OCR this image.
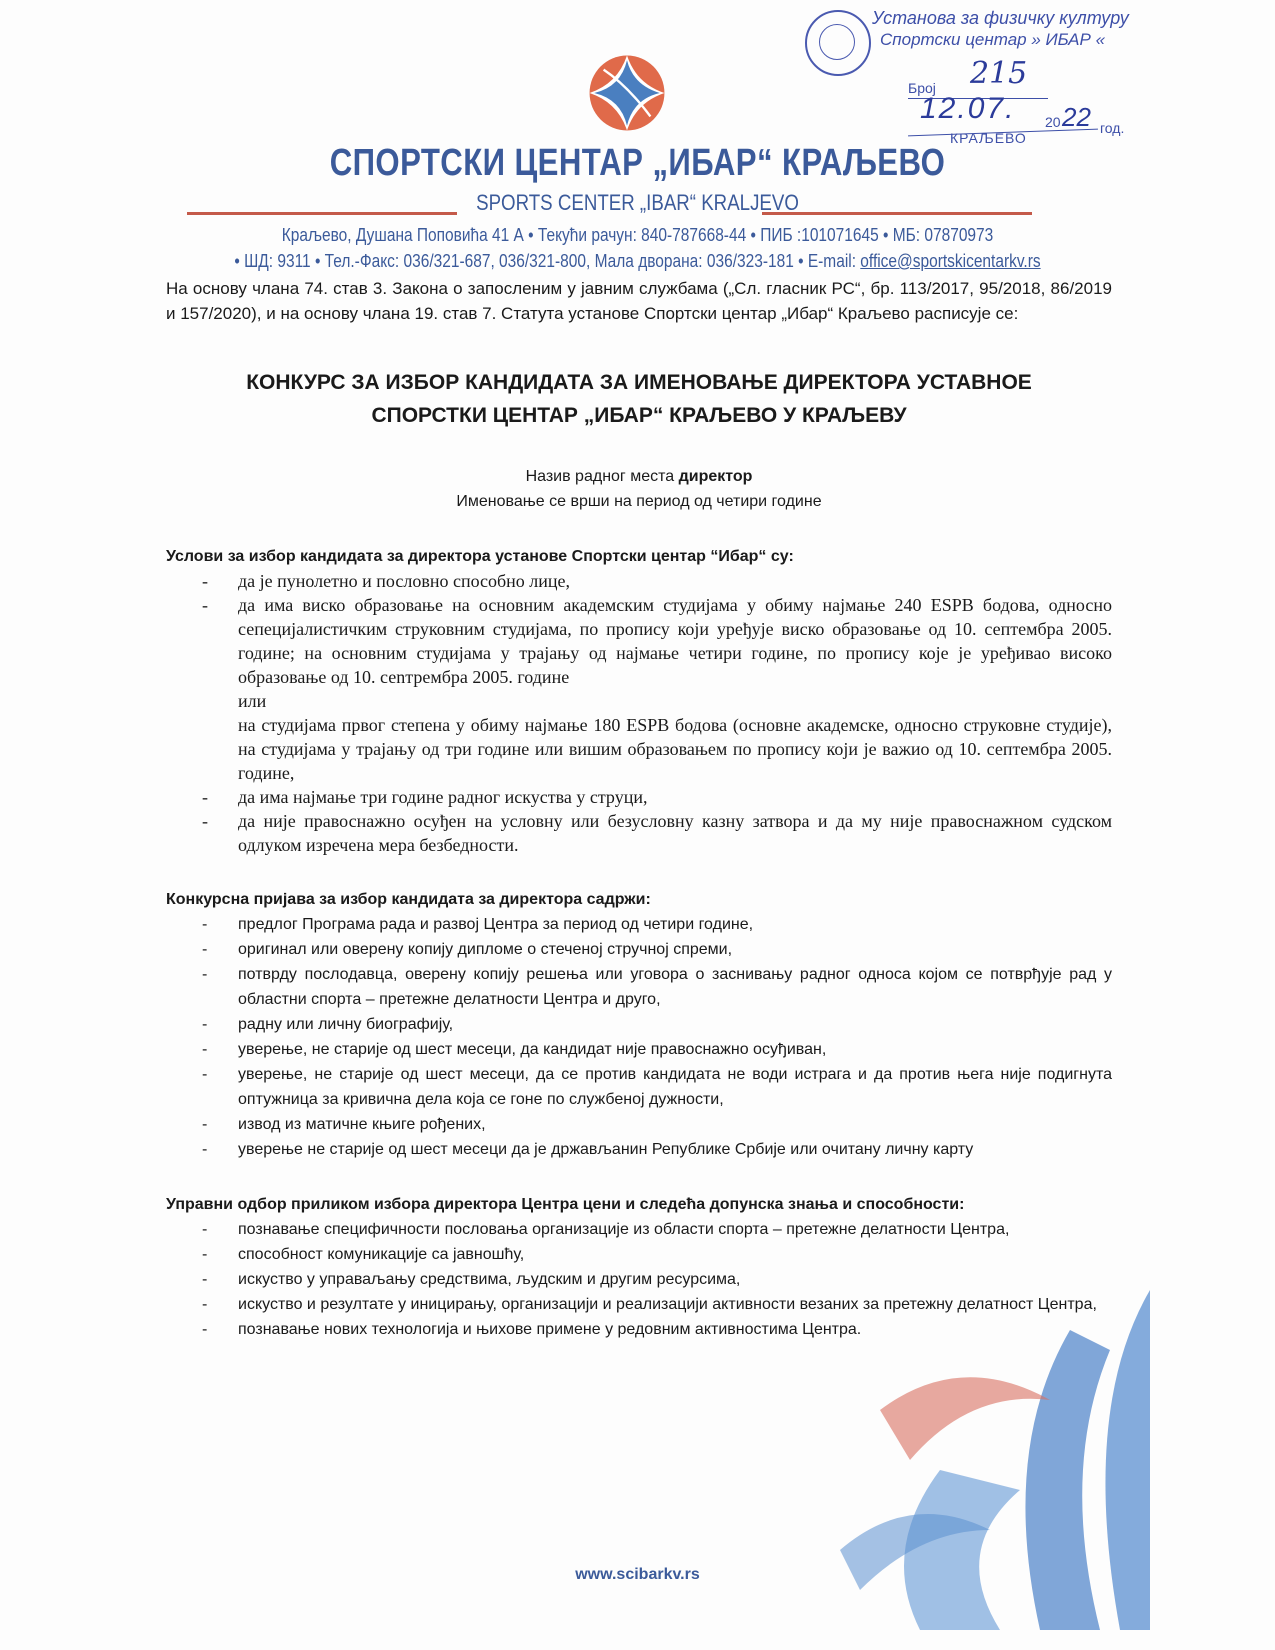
Установа за физичку културу
Спортски центар » ИБАР «
Број 215
12.07. 20 22 год.
КРАЉЕВО
СПОРТСКИ ЦЕНТАР „ИБАР“ КРАЉЕВО
SPORTS CENTER „IBAR“ KRALJEVO
Краљево, Душана Поповића 41 А • Текући рачун: 840-787668-44 • ПИБ :101071645 • МБ: 07870973
• ШД: 9311 • Тел.-Факс: 036/321-687, 036/321-800, Мала дворана: 036/323-181 • E-mail: office@sportskicentarkv.rs

На основу члана 74. став 3. Закона о запосленим у јавним службама („Сл. гласник РС“, бр. 113/2017, 95/2018, 86/2019 и 157/2020), и на основу члана 19. став 7. Статута установе Спортски центар „Ибар“ Краљево расписује се:

КОНКУРС ЗА ИЗБОР КАНДИДАТА ЗА ИМЕНОВАЊЕ ДИРЕКТОРА УСТАВНОЕ
СПОРСТКИ ЦЕНТАР „ИБАР“ КРАЉЕВО У КРАЉЕВУ
Назив радног места директор
Именовање се врши на период од четири године
Услови за избор кандидата за директора установе Спортски центар “Ибар“ су:
- да је пунолетно и пословно способно лице,
- да има виско образовање на основним академским студијама у обиму најмање 240 ESPB бодова, односно сепецијалистичким струковним студијама, по пропису који уређује виско образовање од 10. септембра 2005. године; на основним студијама у трајању од најмање четири године, по пропису које је уређивао високо образовање од 10. сеnтрембра 2005. године
или
на студијама првог степена у обиму најмање 180 ESPB бодова (основне академске, односно струковне студије), на студијама у трајању од три године или вишим образовањем по пропису који је важио од 10. септембра 2005. године,
- да има најмање три године радног искуства у струци,
- да није правоснажно осуђен на условну или безусловну казну затвора и да му није правоснажном судском одлуком изречена мера безбедности.
Конкурсна пријава за избор кандидата за директора садржи:
- предлог Програма рада и развој Центра за период од четири године,
- оригинал или оверену копију дипломе о стеченој стручној спреми,
- потврду послодавца, оверену копију решења или уговора о заснивању радног односа којом се потврђује рад у областни спорта – претежне делатности Центра и друго,
- радну или личну биографију,
- уверење, не старије од шест месеци, да кандидат није правоснажно осуђиван,
- уверење, не старије од шест месеци, да се против кандидата не води истрага и да против њега није подигнута оптужница за кривична дела која се гоне по службеној дужности,
- извод из матичне књиге рођених,
- уверење не старије од шест месеци да је држављанин Републике Србије или очитану личну карту
Управни одбор приликом избора директора Центра цени и следећа допунска знања и способности:
- познавање специфичности пословања организације из области спорта – претежне делатности Центра,
- способност комуникације са јавношћу,
- искуство у управаљању средствима, људским и другим ресурсима,
- искуство и резултате у иницирању, организацији и реализацији активности везаних за претежну делатност Центра,
- познавање нових технологија и њихове примене у редовним активностима Центра.
www.scibarkv.rs
